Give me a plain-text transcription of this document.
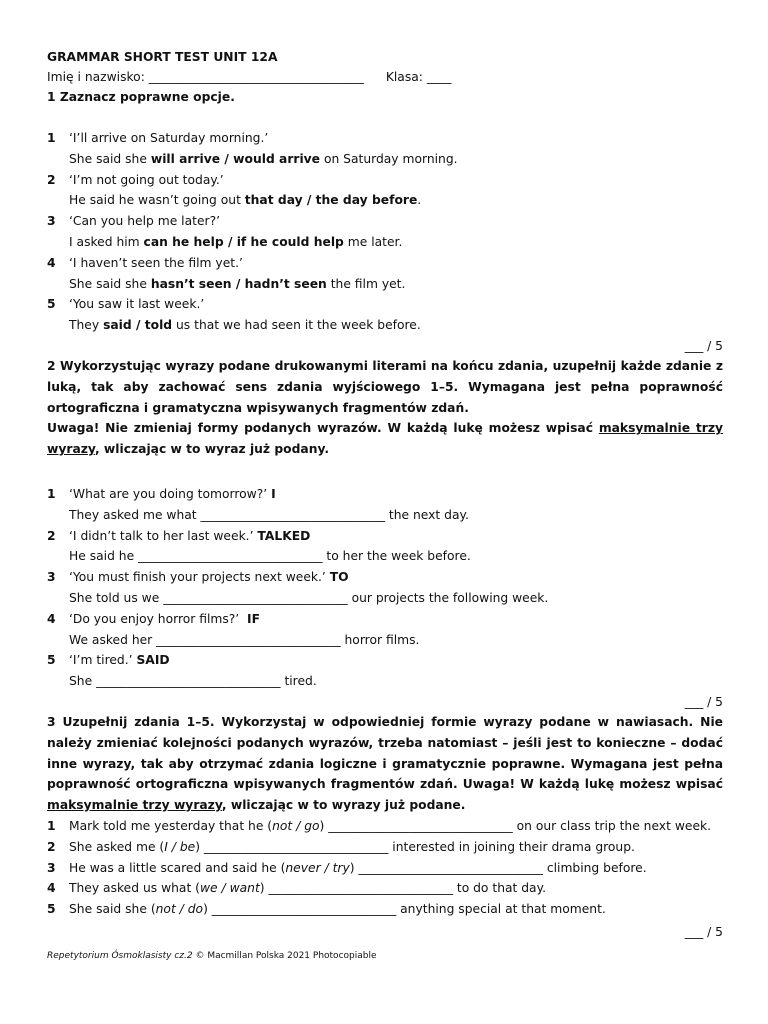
GRAMMAR SHORT TEST UNIT 12A
Imię i nazwisko: ___________________________________ Klasa: ____
1 Zaznacz poprawne opcje.
1	‘I’ll arrive on Saturday morning.’
She said she will arrive / would arrive on Saturday morning.
2	‘I’m not going out today.’
He said he wasn’t going out that day / the day before.
3	‘Can you help me later?’
I asked him can he help / if he could help me later.
4	‘I haven’t seen the film yet.’
She said she hasn’t seen / hadn’t seen the film yet.
5	‘You saw it last week.’
They said / told us that we had seen it the week before.
___ / 5
2 Wykorzystując wyrazy podane drukowanymi literami na końcu zdania, uzupełnij każde zdanie z luką, tak aby zachować sens zdania wyjściowego 1–5. Wymagana jest pełna poprawność ortograficzna i gramatyczna wpisywanych fragmentów zdań.
Uwaga! Nie zmieniaj formy podanych wyrazów. W każdą lukę możesz wpisać maksymalnie trzy wyrazy, wliczając w to wyraz już podany.
1	‘What are you doing tomorrow?’ I
They asked me what ______________________________ the next day.
2	‘I didn’t talk to her last week.’ TALKED
He said he ______________________________ to her the week before.
3	‘You must finish your projects next week.’ TO
She told us we ______________________________ our projects the following week.
4	‘Do you enjoy horror films?’  IF
We asked her ______________________________ horror films.
5	‘I’m tired.’ SAID
She ______________________________ tired.
___ / 5
3 Uzupełnij zdania 1–5. Wykorzystaj w odpowiedniej formie wyrazy podane w nawiasach. Nie należy zmieniać kolejności podanych wyrazów, trzeba natomiast – jeśli jest to konieczne – dodać inne wyrazy, tak aby otrzymać zdania logiczne i gramatycznie poprawne. Wymagana jest pełna poprawność ortograficzna wpisywanych fragmentów zdań. Uwaga! W każdą lukę możesz wpisać maksymalnie trzy wyrazy, wliczając w to wyrazy już podane.
1	Mark told me yesterday that he (not / go) ______________________________ on our class trip the next week.
2	She asked me (I / be) ______________________________ interested in joining their drama group.
3	He was a little scared and said he (never / try) ______________________________ climbing before.
4	They asked us what (we / want) ______________________________ to do that day.
5	She said she (not / do) ______________________________ anything special at that moment.
___ / 5
Repetytorium Ósmoklasisty cz.2 © Macmillan Polska 2021 Photocopiable
